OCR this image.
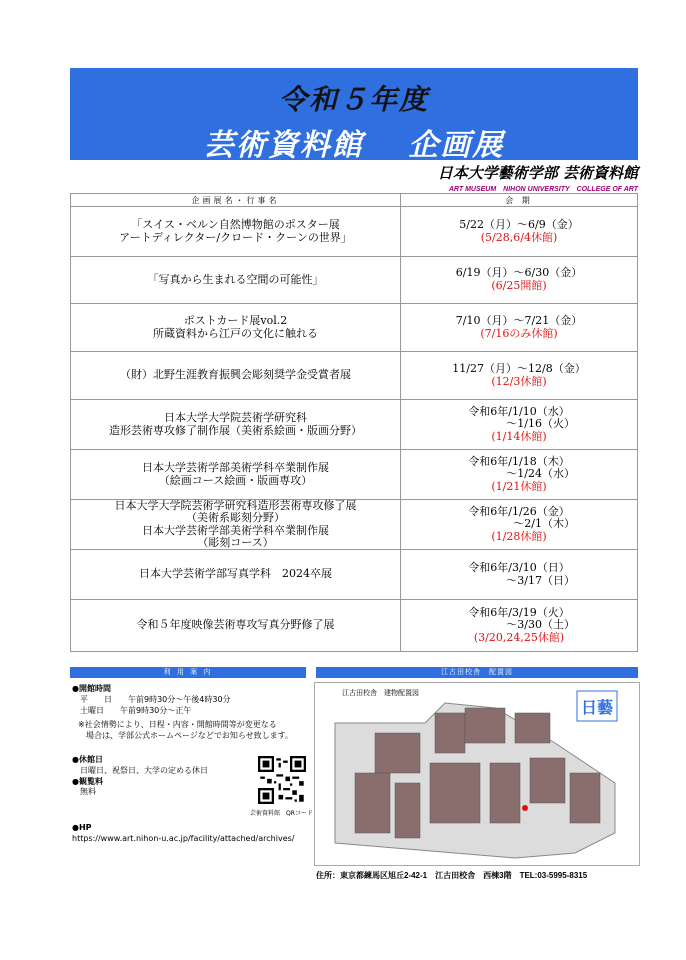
令和５年度
芸術資料館　 企画展
日本大学藝術学部 芸術資料館
ART MUSEUM　NIHON UNIVERSITY　COLLEGE OF ART
企画展名・行事名	会 期
「スイス・ベルン自然博物館のポスター展
アートディレクター/クロード・クーンの世界」	5/22（月）～6/9（金）
(5/28,6/4休館)
「写真から生まれる空間の可能性」	6/19（月）～6/30（金）
(6/25開館)
ポストカード展vol.2
所蔵資料から江戸の文化に触れる	7/10（月）～7/21（金）
(7/16のみ休館)
（財）北野生涯教育振興会彫刻奨学金受賞者展	11/27（月）～12/8（金）
(12/3休館)
日本大学大学院芸術学研究科
造形芸術専攻修了制作展（美術系絵画・版画分野）	令和6年/1/10（水）

～1/16（火）
(1/14休館)
日本大学芸術学部美術学科卒業制作展
（絵画コース絵画・版画専攻）	令和6年/1/18（木）

～1/24（水）
(1/21休館)
日本大学大学院芸術学研究科造形芸術専攻修了展
（美術系彫刻分野）
日本大学芸術学部美術学科卒業制作展
（彫刻コース）	令和6年/1/26（金）

～2/1（木）
(1/28休館)
日本大学芸術学部写真学科　2024卒展	令和6年/3/10（日）

～3/17（日）

令和５年度映像芸術専攻写真分野修了展	令和6年/3/19（火）

～3/30（土）
(3/20,24,25休館)
利 用 案 内	江古田校舎　配置図
●開館時間
平　　日　　午前9時30分～午後4時30分
土曜日　　午前9時30分～正午
※社会情勢により、日程・内容・開館時間等が変更なる
場合は、学部公式ホームページなどでお知らせ致します。
●休館日
日曜日、祝祭日、大学の定める休日
●観覧料
無料
●HP
https://www.art.nihon-u.ac.jp/facility/attached/archives/
芸術資料館　QRコード
日藝
江古田校舎　建物配置図
住所：東京都練馬区旭丘2-42-1　江古田校舎　西棟3階　TEL:03-5995-8315
